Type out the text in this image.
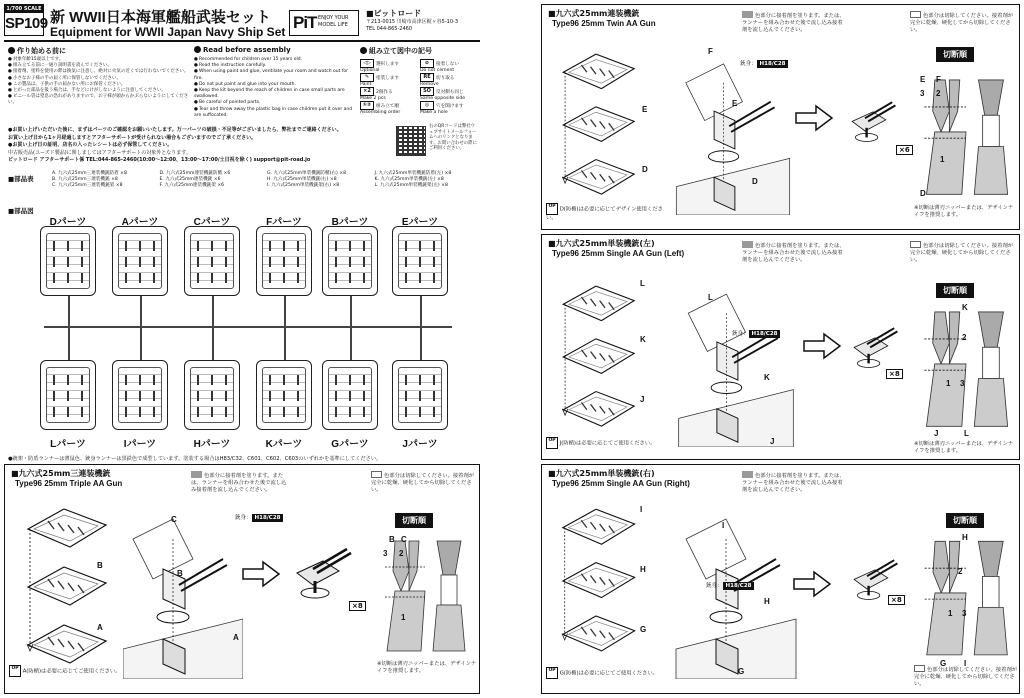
1/700 SCALE
SP109 新 WWII日本海軍艦船武装セット
Equipment for WWII Japan Navy Ship Set PiT ENJOY YOUR
MODEL LIFE
■ピットロード
〒213-0015 川崎市高津区梶ヶ谷5-10-3
TEL 044-865-2460
作り始める前に
● 対象年齢15歳以上です。
● 組み立てる前に一通り説明書を読んでください。
● 接着剤、塗料を使用の際は換気に注意し、絶対に火気の近くでは行わないでください。
● 小さなお子様の手の届く所に保管しないでください。
● この製品は、子供の手の届かない所にお保管ください。
● とがった部品を扱う場合は、手などにけがしないように注意してください。
● ビニール袋は窒息の恐れがありますので、お子様が頭からかぶらないようにしてください。
Read before assembly
● Recommended for children over 15 years old.
● Read the instruction carefully.
● When using paint and glue, ventilate your room and watch out for fire.
● Do not put paint and glue into your mouth.
● Keep the kit beyond the reach of children in case small parts are swallowed.
● Be careful of pointed parts.
● Tear and throw away the plastic bag in case children put it over and are suffocated.
組み立て図中の記号
◁▷ 選択します
Optional
⊘ 接着しない
Do not cement
✎ 塗装します
Paint
RE 切り取る
Remove
×2 2個作る
Make 2 pcs
SO 反対側も同じ
Same opposite side
①② 組み立て順
Assembling order
◎ 穴を開けます
Make a hole
右のQRコードは弊社ウェブサイトメールフォームへのリンクとなります。お問い合わせの際にご利用ください。
●お買い上げいただいた後に、まずはパーツのご確認をお願いいたします。万一パーツの破損・不足等がございましたら、弊社までご連絡ください。
お買い上げ日から1ヶ月経過しますとアフターサポートが受けられない場合もございますのでご了承ください。
●お買い上げ日の証明、店名の入ったレシートは必ず保管してください。
中古販売品(ユーズド製品)に関しましてはアフターサポートの対象外となります。
ピットロード アフターサポート係 TEL:044-865-2460(10:00～12:00、13:00～17:00/土日祝を除く) support@pit-road.jo
■部品表
A. 九六式25mm三連装機銃防盾 ×8	D. 九六式25mm連装機銃防楯 ×6	G. 九六式25mm単装機銃防楯(右) ×8	J. 九六式25mm単装機銃防盾(左) ×8
B. 九六式25mm三連装機銃 ×8	E. 九六式25mm連装機銃 ×6	H. 九六式25mm単装機銃(右) ×8	K. 九六式25mm単装機銃(左) ×8
C. 九六式25mm三連装機銃架 ×8	F. 九六式25mm連装機銃架 ×6	I. 九六式25mm単装機銃架(右) ×8	L. 九六式25mm単装機銃架(左) ×8
■部品図
Dパーツ	Aパーツ	Cパーツ	Fパーツ	Bパーツ	Eパーツ
Lパーツ	Iパーツ	Hパーツ	Kパーツ	Gパーツ	Jパーツ
●銃架・防盾ランナーは薄鼠色、銃身ランナーは黒鉄色で成型しています。塗装する場合はH83/C32、C601、C602、C603のいずれかを基準にしてください。
■九六式25mm三連装機銃
Type96 25mm Triple AA Gun
色部分に接着剤を塗ります。または、ランナーを組み合わせた後で流し込み接着剤を流し込んでください。
色部分は切除してください。接着剤が完全に乾燥、硬化してから切除してください。
切断順
B
A
C
B
A
銃身： H18/C28
×8
B C
3 2
1
OP A(防楯)は必要に応じてご使用ください。
※切断は薄刃ニッパーまたは、デザインナイフを推奨します。
■九六式25mm連装機銃
Type96 25mm Twin AA Gun
色部分に接着剤を塗ります。または、ランナーを組み合わせた後で流し込み接着剤を流し込んでください。
色部分は切除してください。接着剤が完全に乾燥、硬化してから切除してください。
切断順
F
E
D
E
D
銃身： H18/C28
×6
E F
3 2
1
D
OP D(防楯)は必要に応じてデザイン使用ください。
※切断は薄刃ニッパーまたは、デザインナイフを推奨します。
■九六式25mm単装機銃(左)
Type96 25mm Single AA Gun (Left)
色部分に接着剤を塗ります。または、ランナーを組み合わせた後で流し込み接着剤を流し込んでください。
色部分は切除してください。接着剤が完全に乾燥、硬化してから切除してください。
切断順
L
K
J
L
K
J
銃身： H18/C28
×8
K
2
1 3
J	L
OP J(防楯)は必要に応じてご使用ください。	※切断は薄刃ニッパーまたは、デザインナイフを推奨します。
■九六式25mm単装機銃(右)
Type96 25mm Single AA Gun (Right)
色部分に接着剤を塗ります。または、ランナーを組み合わせた後で流し込み接着剤を流し込んでください。
切断順
I
H
G
I
H
G
銃身： H18/C28
×8
H
2
1 3
G I
OP G(防楯)は必要に応じてご使用ください。
色部分は切除してください。接着剤が完全に乾燥、硬化してから切除してください。
